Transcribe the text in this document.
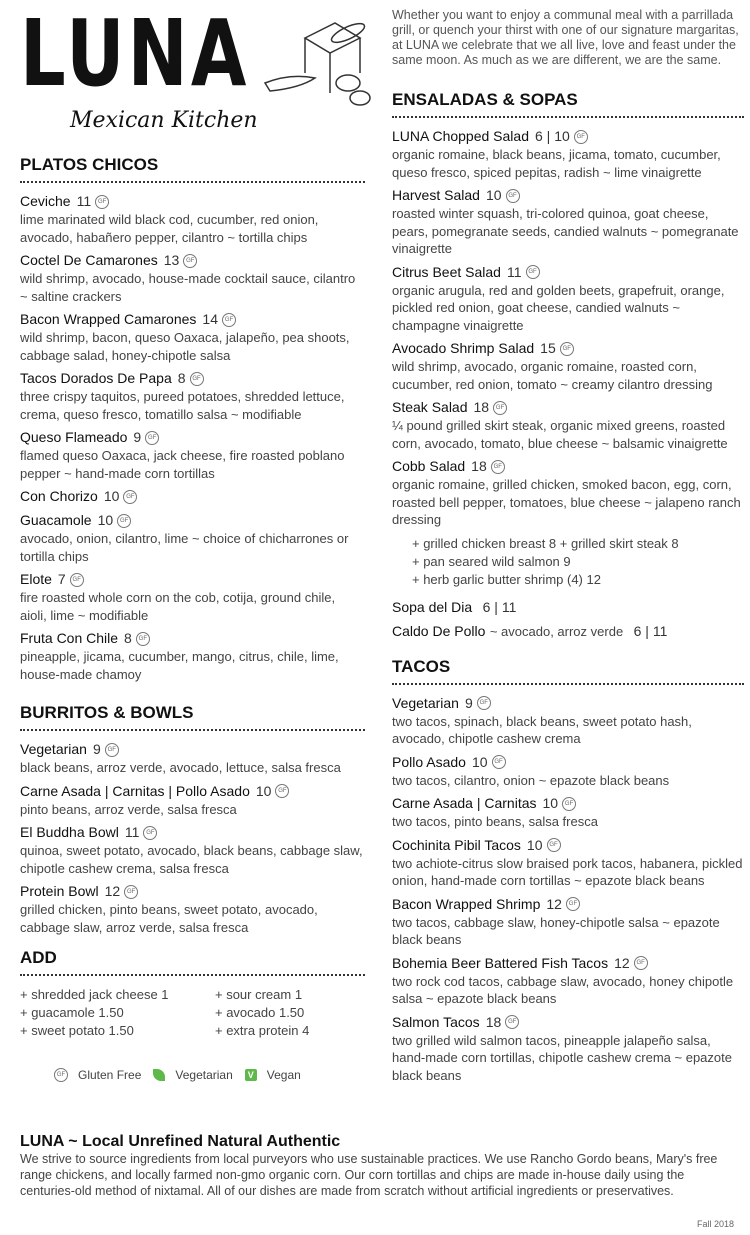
LUNA
Mexican Kitchen
PLATOS CHICOS
Ceviche 11 GF
lime marinated wild black cod, cucumber, red onion, avocado, habañero pepper, cilantro ~ tortilla chips
Coctel De Camarones 13 GF
wild shrimp, avocado, house-made cocktail sauce, cilantro ~ saltine crackers
Bacon Wrapped Camarones 14 GF
wild shrimp, bacon, queso Oaxaca, jalapeño, pea shoots, cabbage salad, honey-chipotle salsa
Tacos Dorados De Papa 8 GF
three crispy taquitos, pureed potatoes, shredded lettuce, crema, queso fresco, tomatillo salsa ~ modifiable
Queso Flameado 9 GF
flamed queso Oaxaca, jack cheese, fire roasted poblano pepper ~ hand-made corn tortillas
Con Chorizo 10 GF
Guacamole 10 GF
avocado, onion, cilantro, lime ~ choice of chicharrones or tortilla chips
Elote 7 GF
fire roasted whole corn on the cob, cotija, ground chile, aioli, lime ~ modifiable
Fruta Con Chile 8 GF
pineapple, jicama, cucumber, mango, citrus, chile, lime, house-made chamoy
BURRITOS & BOWLS
Vegetarian 9 GF
black beans, arroz verde, avocado, lettuce, salsa fresca
Carne Asada | Carnitas | Pollo Asado 10 GF
pinto beans, arroz verde, salsa fresca
El Buddha Bowl 11 GF
quinoa, sweet potato, avocado, black beans, cabbage slaw, chipotle cashew crema, salsa fresca
Protein Bowl 12 GF
grilled chicken, pinto beans, sweet potato, avocado, cabbage slaw, arroz verde, salsa fresca
ADD
+ shredded jack cheese 1	+ sour cream 1
+ guacamole 1.50	+ avocado 1.50
+ sweet potato 1.50	+ extra protein 4
GF Gluten Free	Vegetarian	V Vegan
Whether you want to enjoy a communal meal with a parrillada grill, or quench your thirst with one of our signature margaritas, at LUNA we celebrate that we all live, love and feast under the same moon. As much as we are different, we are the same.
ENSALADAS & SOPAS
LUNA Chopped Salad 6 | 10 GF
organic romaine, black beans, jicama, tomato, cucumber, queso fresco, spiced pepitas, radish ~ lime vinaigrette
Harvest Salad 10 GF
roasted winter squash, tri-colored quinoa, goat cheese, pears, pomegranate seeds, candied walnuts ~ pomegranate vinaigrette
Citrus Beet Salad 11 GF
organic arugula, red and golden beets, grapefruit, orange, pickled red onion, goat cheese, candied walnuts ~ champagne vinaigrette
Avocado Shrimp Salad 15 GF
wild shrimp, avocado, organic romaine, roasted corn, cucumber, red onion, tomato ~ creamy cilantro dressing
Steak Salad 18 GF
¼ pound grilled skirt steak, organic mixed greens, roasted corn, avocado, tomato, blue cheese ~ balsamic vinaigrette
Cobb Salad 18 GF
organic romaine, grilled chicken, smoked bacon, egg, corn, roasted bell pepper, tomatoes, blue cheese ~ jalapeno ranch dressing
+ grilled chicken breast 8 + grilled skirt steak 8
+ pan seared wild salmon 9
+ herb garlic butter shrimp (4) 12
Sopa del Dia 6 | 11
Caldo De Pollo ~ avocado, arroz verde 6 | 11
TACOS
Vegetarian 9 GF
two tacos, spinach, black beans, sweet potato hash, avocado, chipotle cashew crema
Pollo Asado 10 GF
two tacos, cilantro, onion ~ epazote black beans
Carne Asada | Carnitas 10 GF
two tacos, pinto beans, salsa fresca
Cochinita Pibil Tacos 10 GF
two achiote-citrus slow braised pork tacos, habanera, pickled onion, hand-made corn tortillas ~ epazote black beans
Bacon Wrapped Shrimp 12 GF
two tacos, cabbage slaw, honey-chipotle salsa ~ epazote black beans
Bohemia Beer Battered Fish Tacos 12 GF
two rock cod tacos, cabbage slaw, avocado, honey chipotle salsa ~ epazote black beans
Salmon Tacos 18 GF
two grilled wild salmon tacos, pineapple jalapeño salsa, hand-made corn tortillas, chipotle cashew crema ~ epazote black beans
LUNA ~ Local Unrefined Natural Authentic
We strive to source ingredients from local purveyors who use sustainable practices. We use Rancho Gordo beans, Mary's free range chickens, and locally farmed non-gmo organic corn. Our corn tortillas and chips are made in-house daily using the centuries-old method of nixtamal. All of our dishes are made from scratch without artificial ingredients or preservatives.
Fall 2018
